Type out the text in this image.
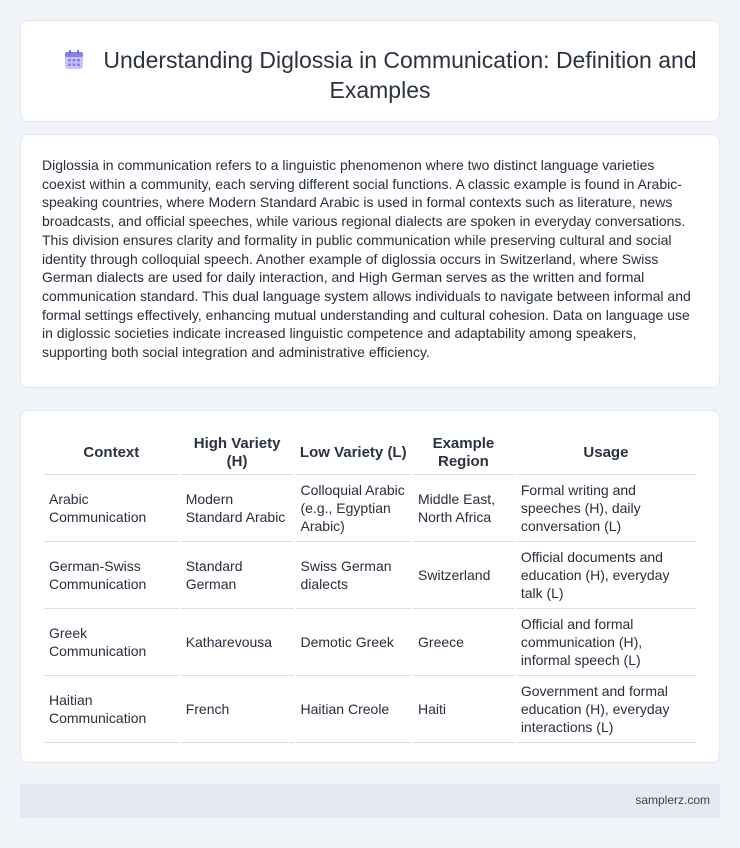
Understanding Diglossia in Communication: Definition and Examples

Diglossia in communication refers to a linguistic phenomenon where two distinct language varieties coexist within a community, each serving different social functions. A classic example is found in Arabic-speaking countries, where Modern Standard Arabic is used in formal contexts such as literature, news broadcasts, and official speeches, while various regional dialects are spoken in everyday conversations. This division ensures clarity and formality in public communication while preserving cultural and social identity through colloquial speech. Another example of diglossia occurs in Switzerland, where Swiss German dialects are used for daily interaction, and High German serves as the written and formal communication standard. This dual language system allows individuals to navigate between informal and formal settings effectively, enhancing mutual understanding and cultural cohesion. Data on language use in diglossic societies indicate increased linguistic competence and adaptability among speakers, supporting both social integration and administrative efficiency.

Context	High Variety (H)	Low Variety (L)	Example Region	Usage
Arabic Communication	Modern Standard Arabic	Colloquial Arabic (e.g., Egyptian Arabic)	Middle East, North Africa	Formal writing and speeches (H), daily conversation (L)
German-Swiss Communication	Standard German	Swiss German dialects	Switzerland	Official documents and education (H), everyday talk (L)
Greek Communication	Katharevousa	Demotic Greek	Greece	Official and formal communication (H), informal speech (L)
Haitian Communication	French	Haitian Creole	Haiti	Government and formal education (H), everyday interactions (L)
samplerz.com
